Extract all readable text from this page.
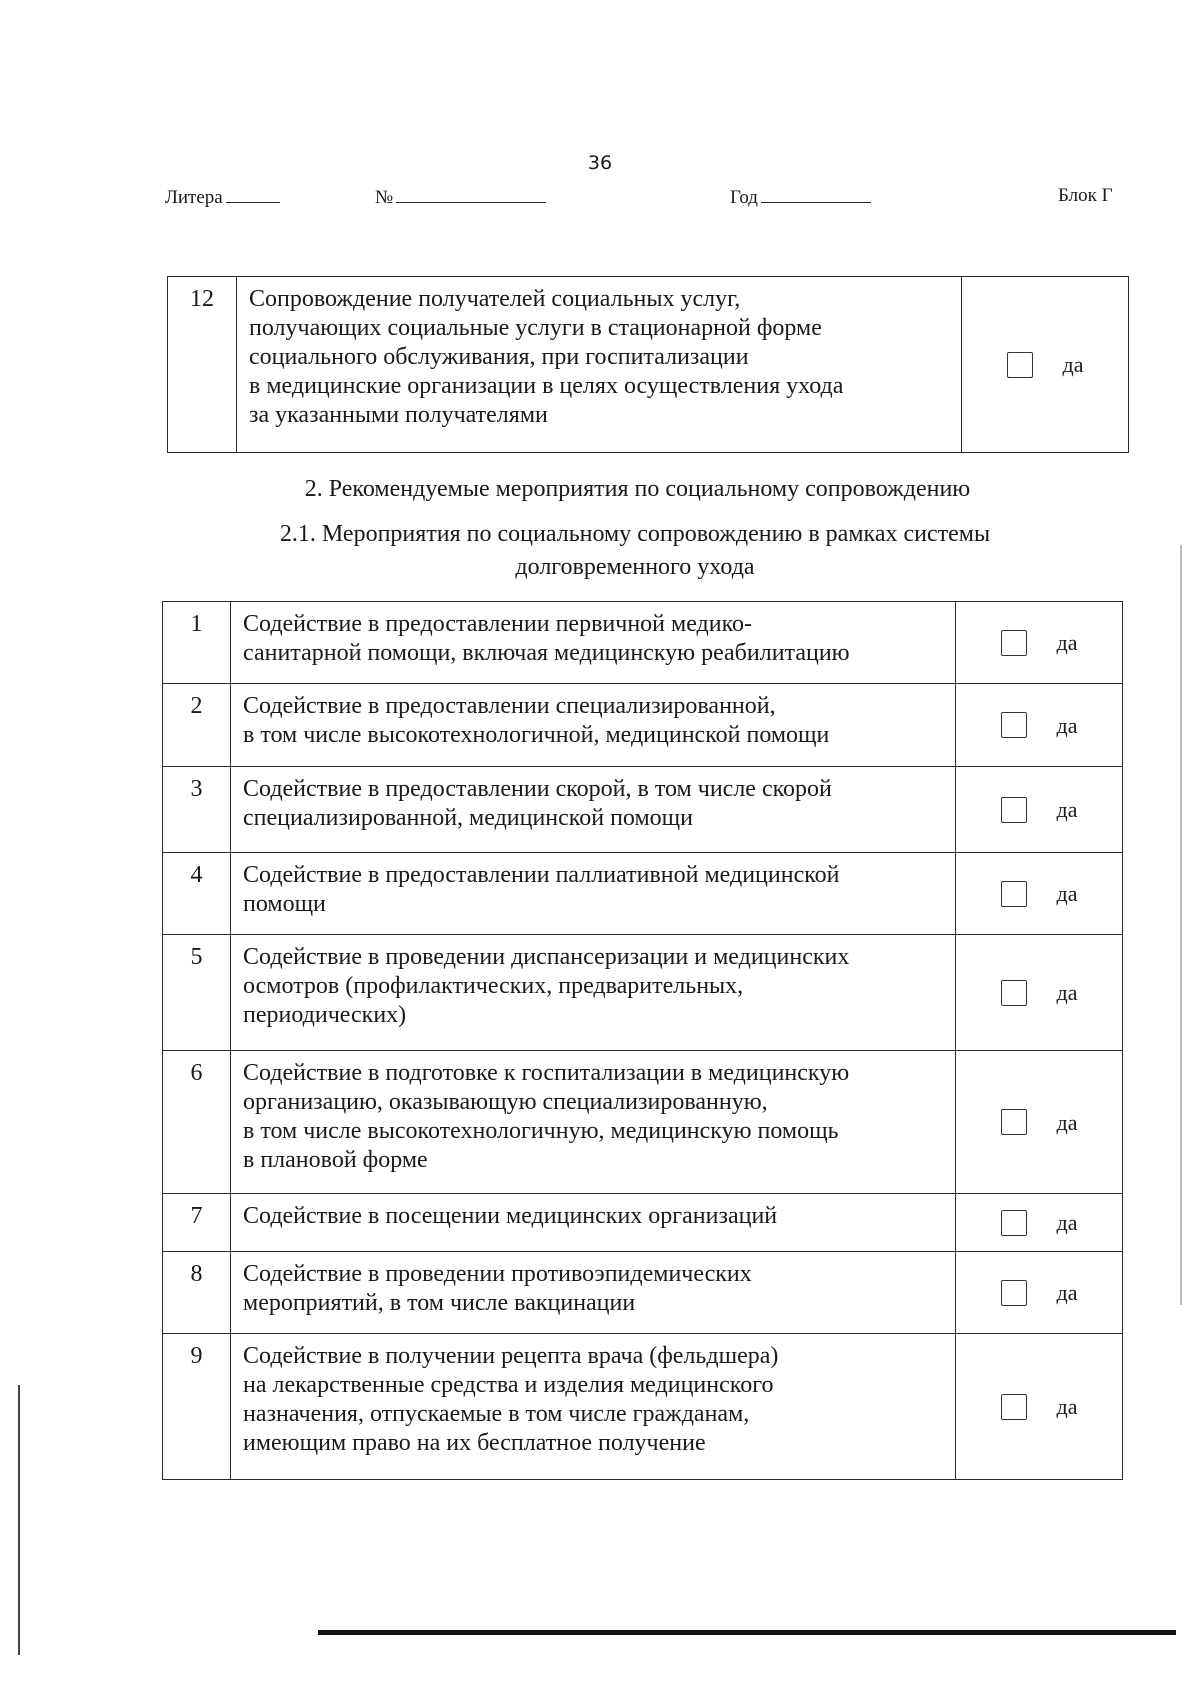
36
Литера	№	Год	Блок Г
12	Сопровождение получателей социальных услуг,
получающих социальные услуги в стационарной форме
социального обслуживания, при госпитализации
в медицинские организации в целях осуществления ухода
за указанными получателями

да
2. Рекомендуемые мероприятия по социальному сопровождению
2.1. Мероприятия по социальному сопровождению в рамках системы
долговременного ухода
1	Содействие в предоставлении первичной медико-
санитарной помощи, включая медицинскую реабилитацию	да

2	Содействие в предоставлении специализированной,
в том числе высокотехнологичной, медицинской помощи	да

3	Содействие в предоставлении скорой, в том числе скорой
специализированной, медицинской помощи	да

4	Содействие в предоставлении паллиативной медицинской
помощи	да

5	Содействие в проведении диспансеризации и медицинских
осмотров (профилактических, предварительных,
периодических)	да

6	Содействие в подготовке к госпитализации в медицинскую
организацию, оказывающую специализированную,
в том числе высокотехнологичную, медицинскую помощь
в плановой форме	да

7	Содействие в посещении медицинских организаций	да

8	Содействие в проведении противоэпидемических
мероприятий, в том числе вакцинации	да

9	Содействие в получении рецепта врача (фельдшера)
на лекарственные средства и изделия медицинского
назначения, отпускаемые в том числе гражданам,
имеющим право на их бесплатное получение	да
